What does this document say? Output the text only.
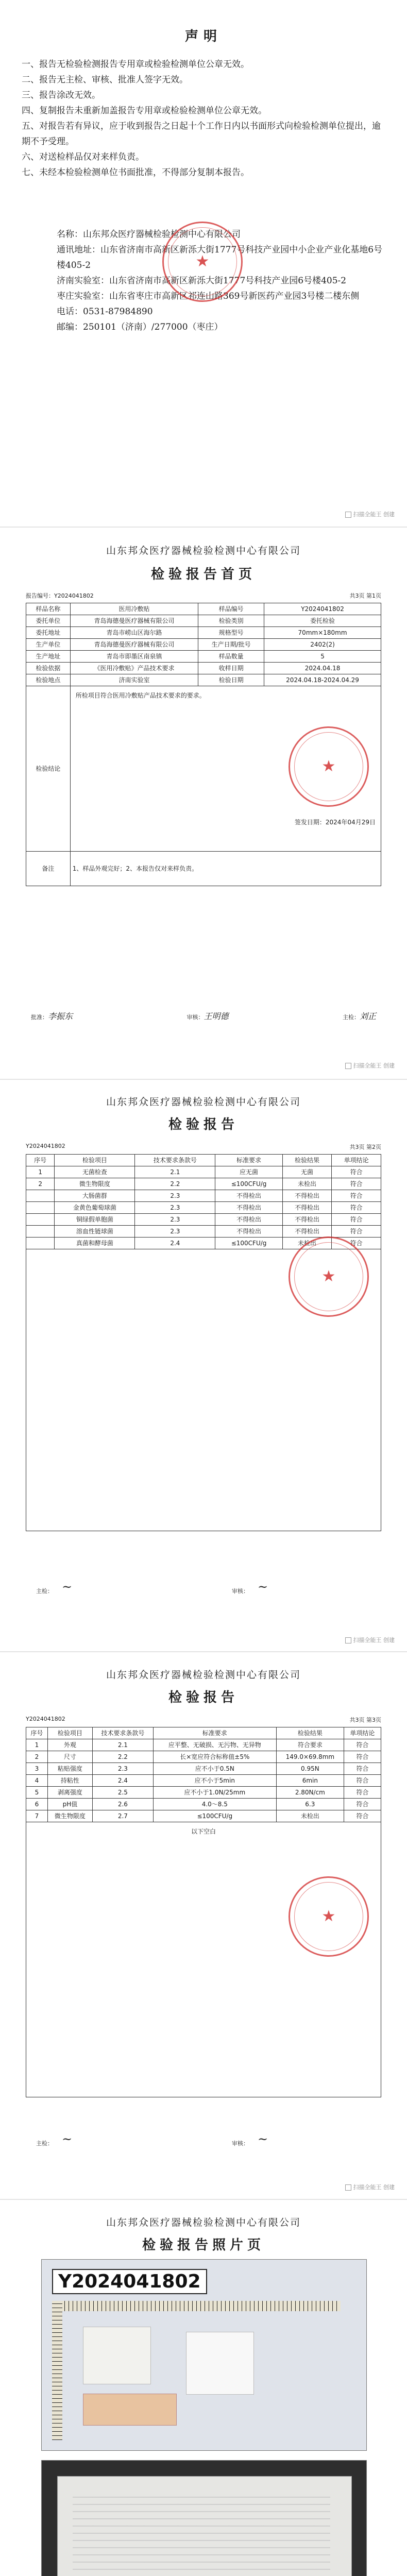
声明

一、报告无检验检测报告专用章或检验检测单位公章无效。

二、报告无主检、审核、批准人签字无效。

三、报告涂改无效。

四、复制报告未重新加盖报告专用章或检验检测单位公章无效。

五、对报告若有异议，应于收到报告之日起十个工作日内以书面形式向检验检测单位提出，逾期不予受理。

六、对送检样品仅对来样负责。

七、未经本检验检测单位书面批准，不得部分复制本报告。

名称：山东邦众医疗器械检验检测中心有限公司

通讯地址：山东省济南市高新区新泺大街1777号科技产业园中小企业产业化基地6号楼405-2

济南实验室：山东省济南市高新区新泺大街1777号科技产业园6号楼405-2

枣庄实验室：山东省枣庄市高新区祁连山路369号新医药产业园3号楼二楼东侧

电话：0531-87984890

邮编：250101（济南）/277000（枣庄）

★
扫描全能王 创建
山东邦众医疗器械检验检测中心有限公司
检验报告首页
报告编号：Y2024041802	共3页 第1页
样品名称	医用冷敷贴	样品编号	Y2024041802
委托单位	青岛海德曼医疗器械有限公司	检验类别	委托检验
委托地址	青岛市崂山区海尔路	规格型号	70mm×180mm
生产单位	青岛海德曼医疗器械有限公司	生产日期/批号	2402(2)
生产地址	青岛市即墨区南泉镇	样品数量	5
检验依据	《医用冷敷贴》产品技术要求	收样日期	2024.04.18
检验地点	济南实验室	检验日期	2024.04.18-2024.04.29
检验结论	所检项目符合医用冷敷贴产品技术要求的要求。
签发日期：2024年04月29日		

备注	1、样品外观完好；2、本报告仅对来样负责。		
★
批准：李振东	审核：王明德	主检：刘正
扫描全能王 创建
山东邦众医疗器械检验检测中心有限公司
检验报告
Y2024041802	共3页 第2页
序号	检验项目	技术要求条款号	标准要求	检验结果	单项结论
1	无菌检查	2.1	应无菌	无菌	符合
2	微生物限度	2.2	≤100CFU/g	未检出	符合
	大肠菌群	2.3	不得检出	不得检出	符合
	金黄色葡萄球菌	2.3	不得检出	不得检出	符合
	铜绿假单胞菌	2.3	不得检出	不得检出	符合
	溶血性链球菌	2.3	不得检出	不得检出	符合
	真菌和酵母菌	2.4	≤100CFU/g	未检出	符合

★
主检： ~	审核： ~
扫描全能王 创建
山东邦众医疗器械检验检测中心有限公司
检验报告
Y2024041802	共3页 第3页
序号	检验项目	技术要求条款号	标准要求	检验结果	单项结论
1	外观	2.1	应平整、无破损、无污物、无异物	符合要求	符合
2	尺寸	2.2	长×宽应符合标称值±5%	149.0×69.8mm	符合
3	粘贴强度	2.3	应不小于0.5N	0.95N	符合
4	持粘性	2.4	应不小于5min	6min	符合
5	剥离强度	2.5	应不小于1.0N/25mm	2.80N/cm	符合
6	pH值	2.6	4.0～8.5	6.3	符合
7	微生物限度	2.7	≤100CFU/g	未检出	符合
以下空白					
★
主检： ~	审核： ~
扫描全能王 创建
山东邦众医疗器械检验检测中心有限公司
检验报告照片页
Y2024041802
